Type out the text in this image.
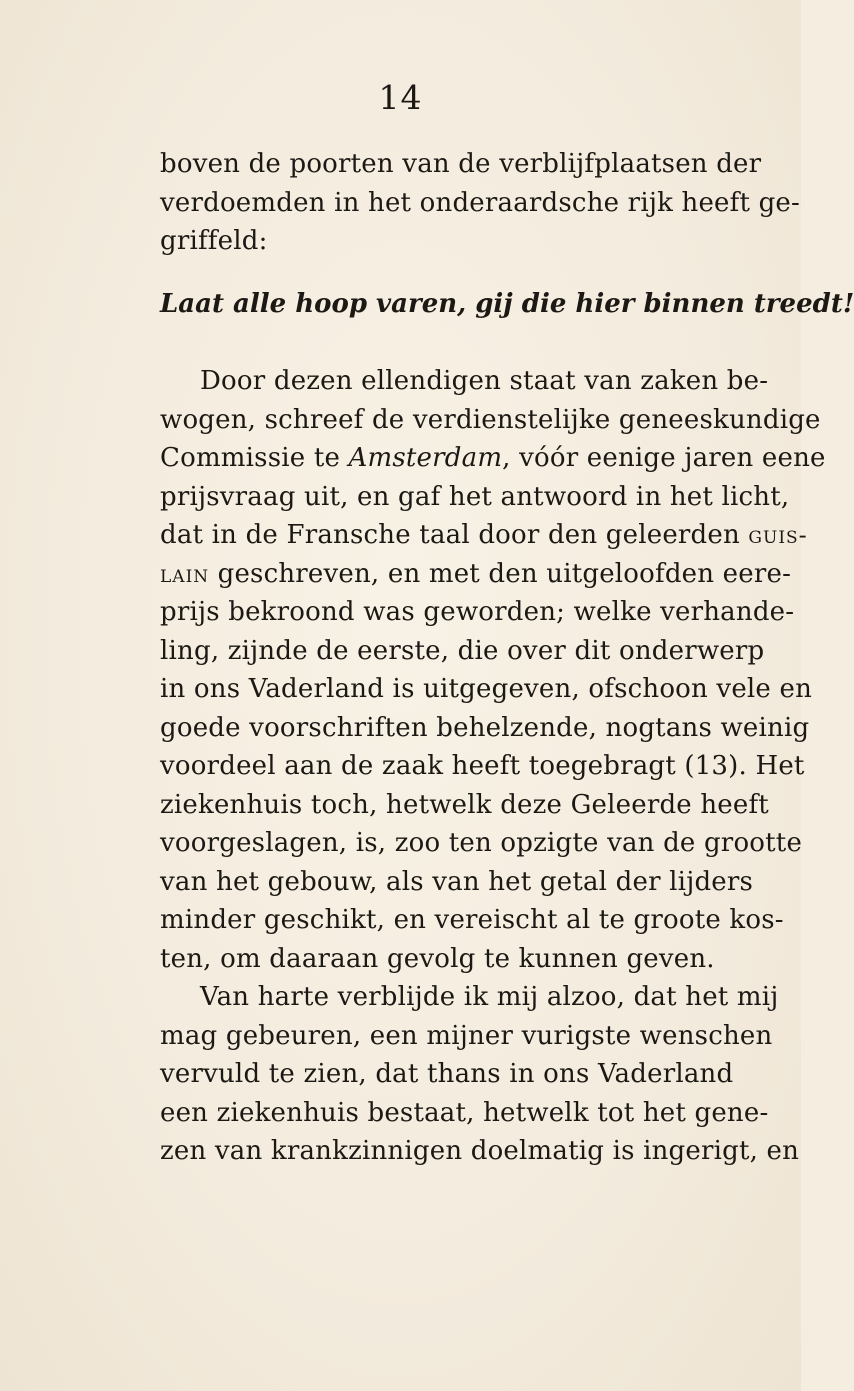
14
boven de poorten van de verblijfplaatsen der
verdoemden in het onderaardsche rijk heeft ge-
griffeld:
Laat alle hoop varen, gij die hier binnen treedt!
Door dezen ellendigen staat van zaken be-
wogen, schreef de verdienstelijke geneeskundige
Commissie te Amsterdam, vóór eenige jaren eene
prijsvraag uit, en gaf het antwoord in het licht,
dat in de Fransche taal door den geleerden guis-
lain geschreven, en met den uitgeloofden eere-
prijs bekroond was geworden; welke verhande-
ling, zijnde de eerste, die over dit onderwerp
in ons Vaderland is uitgegeven, ofschoon vele en
goede voorschriften behelzende, nogtans weinig
voordeel aan de zaak heeft toegebragt (13). Het
ziekenhuis toch, hetwelk deze Geleerde heeft
voorgeslagen, is, zoo ten opzigte van de grootte
van het gebouw, als van het getal der lijders
minder geschikt, en vereischt al te groote kos-
ten, om daaraan gevolg te kunnen geven.
Van harte verblijde ik mij alzoo, dat het mij
mag gebeuren, een mijner vurigste wenschen
vervuld te zien, dat thans in ons Vaderland
een ziekenhuis bestaat, hetwelk tot het gene-
zen van krankzinnigen doelmatig is ingerigt, en
